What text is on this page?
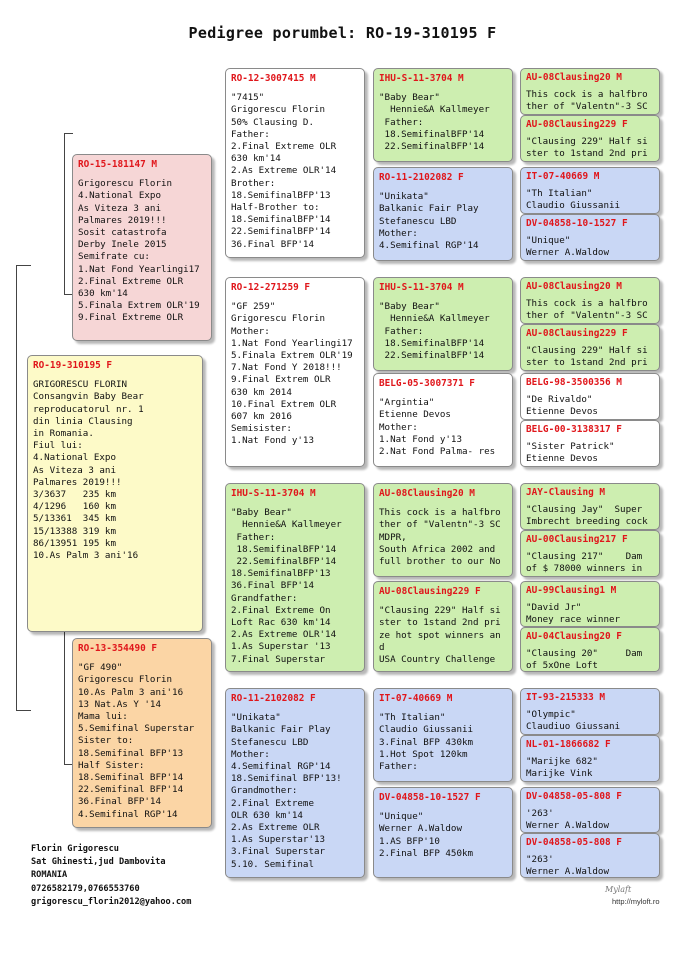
Pedigree porumbel: RO-19-310195 F
RO-19-310195 F
GRIGORESCU FLORIN
Consangvin Baby Bear
reproducatorul nr. 1
din linia Clausing
in Romania.
Fiul lui:
4.National Expo
As Viteza 3 ani
Palmares 2019!!!
3/3637   235 km
4/1296   160 km
5/13361  345 km
15/13388 319 km
86/13951 195 km
10.As Palm 3 ani'16
RO-15-181147 M
Grigorescu Florin
4.National Expo
As Viteza 3 ani
Palmares 2019!!!
Sosit catastrofa
Derby Inele 2015
Semifrate cu:
1.Nat Fond Yearlingi17
2.Final Extreme OLR
630 km'14
5.Finala Extrem OLR'19
9.Final Extreme OLR
RO-13-354490 F
"GF 490"
Grigorescu Florin
10.As Palm 3 ani'16
13 Nat.As Y '14
Mama lui:
5.Semifinal Superstar
Sister to:
18.Semifinal BFP'13
Half Sister:
18.Semifinal BFP'14
22.Semifinal BFP'14
36.Final BFP'14
4.Semifinal RGP'14
RO-12-3007415 M
"7415"
Grigorescu Florin
50% Clausing D.
Father:
2.Final Extreme OLR
630 km'14
2.As Extreme OLR'14
Brother:
18.SemifinalBFP'13
Half-Brother to:
18.SemifinalBFP'14
22.SemifinalBFP'14
36.Final BFP'14
RO-12-271259 F
"GF 259"
Grigorescu Florin
Mother:
1.Nat Fond Yearlingi17
5.Finala Extrem OLR'19
7.Nat Fond Y 2018!!!
9.Final Extrem OLR
630 km 2014
10.Final Extrem OLR
607 km 2016
Semisister:
1.Nat Fond y'13
IHU-S-11-3704 M
"Baby Bear"
Hennie&A Kallmeyer
Father:
18.SemifinalBFP'14
22.SemifinalBFP'14
18.SemifinalBFP'13
36.Final BFP'14
Grandfather:
2.Final Extreme On
Loft Rac 630 km'14
2.As Extreme OLR'14
1.As Superstar '13
7.Final Superstar
RO-11-2102082 F
"Unikata"
Balkanic Fair Play
Stefanescu LBD
Mother:
4.Semifinal RGP'14
18.Semifinal BFP'13!
Grandmother:
2.Final Extreme
OLR 630 km'14
2.As Extreme OLR
1.As Superstar'13
3.Final Superstar
5.10. Semifinal
IHU-S-11-3704 M
"Baby Bear"
Hennie&A Kallmeyer
Father:
18.SemifinalBFP'14
22.SemifinalBFP'14
RO-11-2102082 F
"Unikata"
Balkanic Fair Play
Stefanescu LBD
Mother:
4.Semifinal RGP'14
IHU-S-11-3704 M
"Baby Bear"
Hennie&A Kallmeyer
Father:
18.SemifinalBFP'14
22.SemifinalBFP'14
BELG-05-3007371 F
"Argintia"
Etienne Devos
Mother:
1.Nat Fond y'13
2.Nat Fond Palma- res
AU-08Clausing20 M
This cock is a halfbro
ther of "Valentn"-3 SC
MDPR,
South Africa 2002 and
full brother to our No
AU-08Clausing229 F
"Clausing 229" Half si
ster to 1stand 2nd pri
ze hot spot winners an
d
USA Country Challenge
IT-07-40669 M
"Th Italian"
Claudio Giussanii
3.Final BFP 430km
1.Hot Spot 120km
Father:
DV-04858-10-1527 F
"Unique"
Werner A.Waldow
1.AS BFP'10
2.Final BFP 450km
AU-08Clausing20 M
This cock is a halfbro
ther of "Valentn"-3 SC
AU-08Clausing229 F
"Clausing 229" Half si
ster to 1stand 2nd pri
IT-07-40669 M
"Th Italian"
Claudio Giussanii
DV-04858-10-1527 F
"Unique"
Werner A.Waldow
AU-08Clausing20 M
This cock is a halfbro
ther of "Valentn"-3 SC
AU-08Clausing229 F
"Clausing 229" Half si
ster to 1stand 2nd pri
BELG-98-3500356 M
"De Rivaldo"
Etienne Devos
BELG-00-3138317 F
"Sister Patrick"
Etienne Devos
JAY-Clausing M
"Clausing Jay"  Super
Imbrecht breeding cock
AU-00Clausing217 F
"Clausing 217"    Dam
of $ 78000 winners in
AU-99Clausing1 M
"David Jr"
Money race winner
AU-04Clausing20 F
"Clausing 20"     Dam
of 5xOne Loft
IT-93-215333 M
"Olympic"
Claudiuo Giussani
NL-01-1866682 F
"Marijke 682"
Marijke Vink
DV-04858-05-808 F
'263'
Werner A.Waldow
DV-04858-05-808 F
"263'
Werner A.Waldow
Florin Grigorescu
Sat Ghinesti,jud Dambovita
ROMANIA
0726582179,0766553760
grigorescu_florin2012@yahoo.com
Mylaft
http://myloft.ro
